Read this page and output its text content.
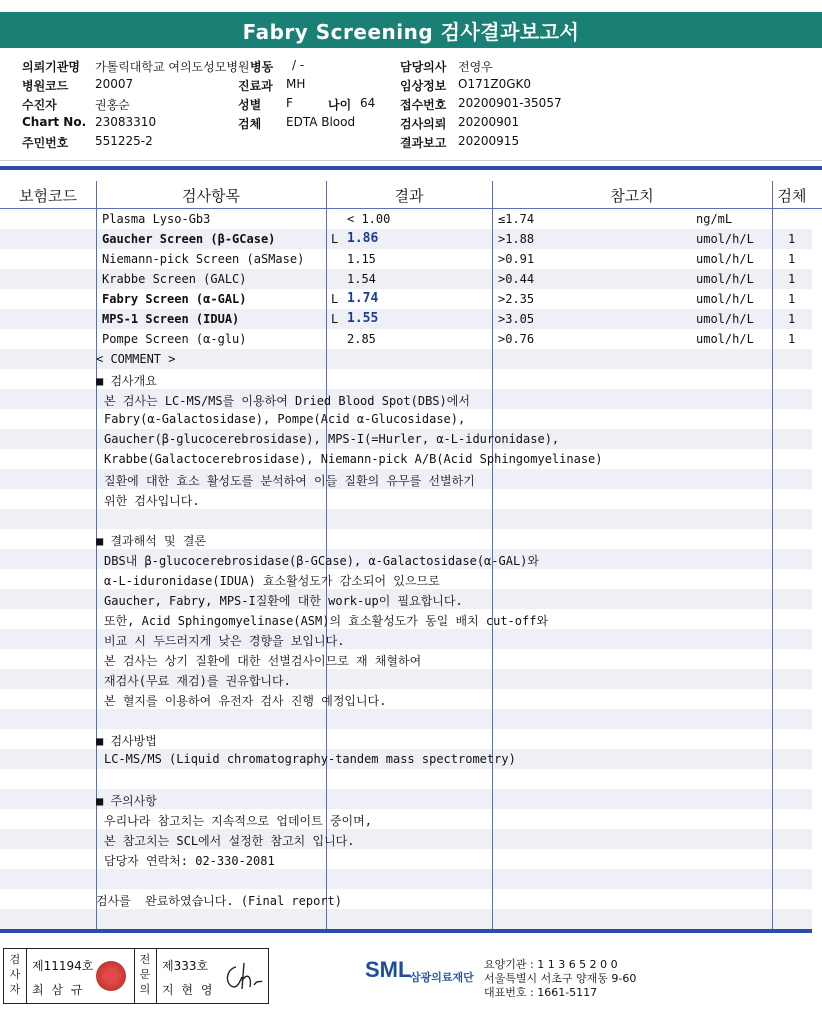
Fabry Screening 검사결과보고서
의뢰기관명 가톨릭대학교 여의도성모병원 병동 / -	담당의사 전영우
병원코드 20007	진료과 MH	임상정보 O171Z0GK0
수진자	권홍순	성별 F	나이 64 접수번호 20200901-35057
Chart No. 23083310	검체 EDTA Blood	검사의뢰 20200901
주민번호 551225-2	결과보고 20200915
보험코드	검사항목	결과	참고치	검체
Plasma Lyso-Gb3	< 1.00	≤1.74	ng/mL
Gaucher Screen (β-GCase)	L 1.86	>1.88	umol/h/L	1
Niemann-pick Screen (aSMase)	1.15	>0.91	umol/h/L	1
Krabbe Screen (GALC)	1.54	>0.44	umol/h/L	1
Fabry Screen (α-GAL)	L 1.74	>2.35	umol/h/L	1
MPS-1 Screen (IDUA)	L 1.55	>3.05	umol/h/L	1
Pompe Screen (α-glu)	2.85	>0.76	umol/h/L	1
< COMMENT >
■ 검사개요
본 검사는 LC-MS/MS를 이용하여 Dried Blood Spot(DBS)에서
Fabry(α-Galactosidase), Pompe(Acid α-Glucosidase),
Gaucher(β-glucocerebrosidase), MPS-I(=Hurler, α-L-iduronidase),
Krabbe(Galactocerebrosidase), Niemann-pick A/B(Acid Sphingomyelinase)
질환에 대한 효소 활성도를 분석하여 이들 질환의 유무를 선별하기
위한 검사입니다.
■ 결과해석 및 결론
DBS내 β-glucocerebrosidase(β-GCase), α-Galactosidase(α-GAL)와
α-L-iduronidase(IDUA) 효소활성도가 감소되어 있으므로
Gaucher, Fabry, MPS-I질환에 대한 work-up이 필요합니다.
또한, Acid Sphingomyelinase(ASM)의 효소활성도가 동일 배치 cut-off와
비교 시 두드러지게 낮은 경향을 보입니다.
본 검사는 상기 질환에 대한 선별검사이므로 재 채혈하여
재검사(무료 재검)를 권유합니다.
본 혈지를 이용하여 유전자 검사 진행 예정입니다.
■ 검사방법
LC-MS/MS (Liquid chromatography-tandem mass spectrometry)
■ 주의사항
우리나라 참고치는 지속적으로 업데이트 중이며,
본 참고치는 SCL에서 설정한 참고치 입니다.
담당자 연락처: 02-330-2081
검사를  완료하였습니다. (Final report)
검사자
제11194호
최 삼 규
전문의
제333호
지 현 영
SML
삼광의료재단
요양기관 : 1 1 3 6 5 2 0 0
서울특별시 서초구 양재동 9-60
대표번호 : 1661-5117
